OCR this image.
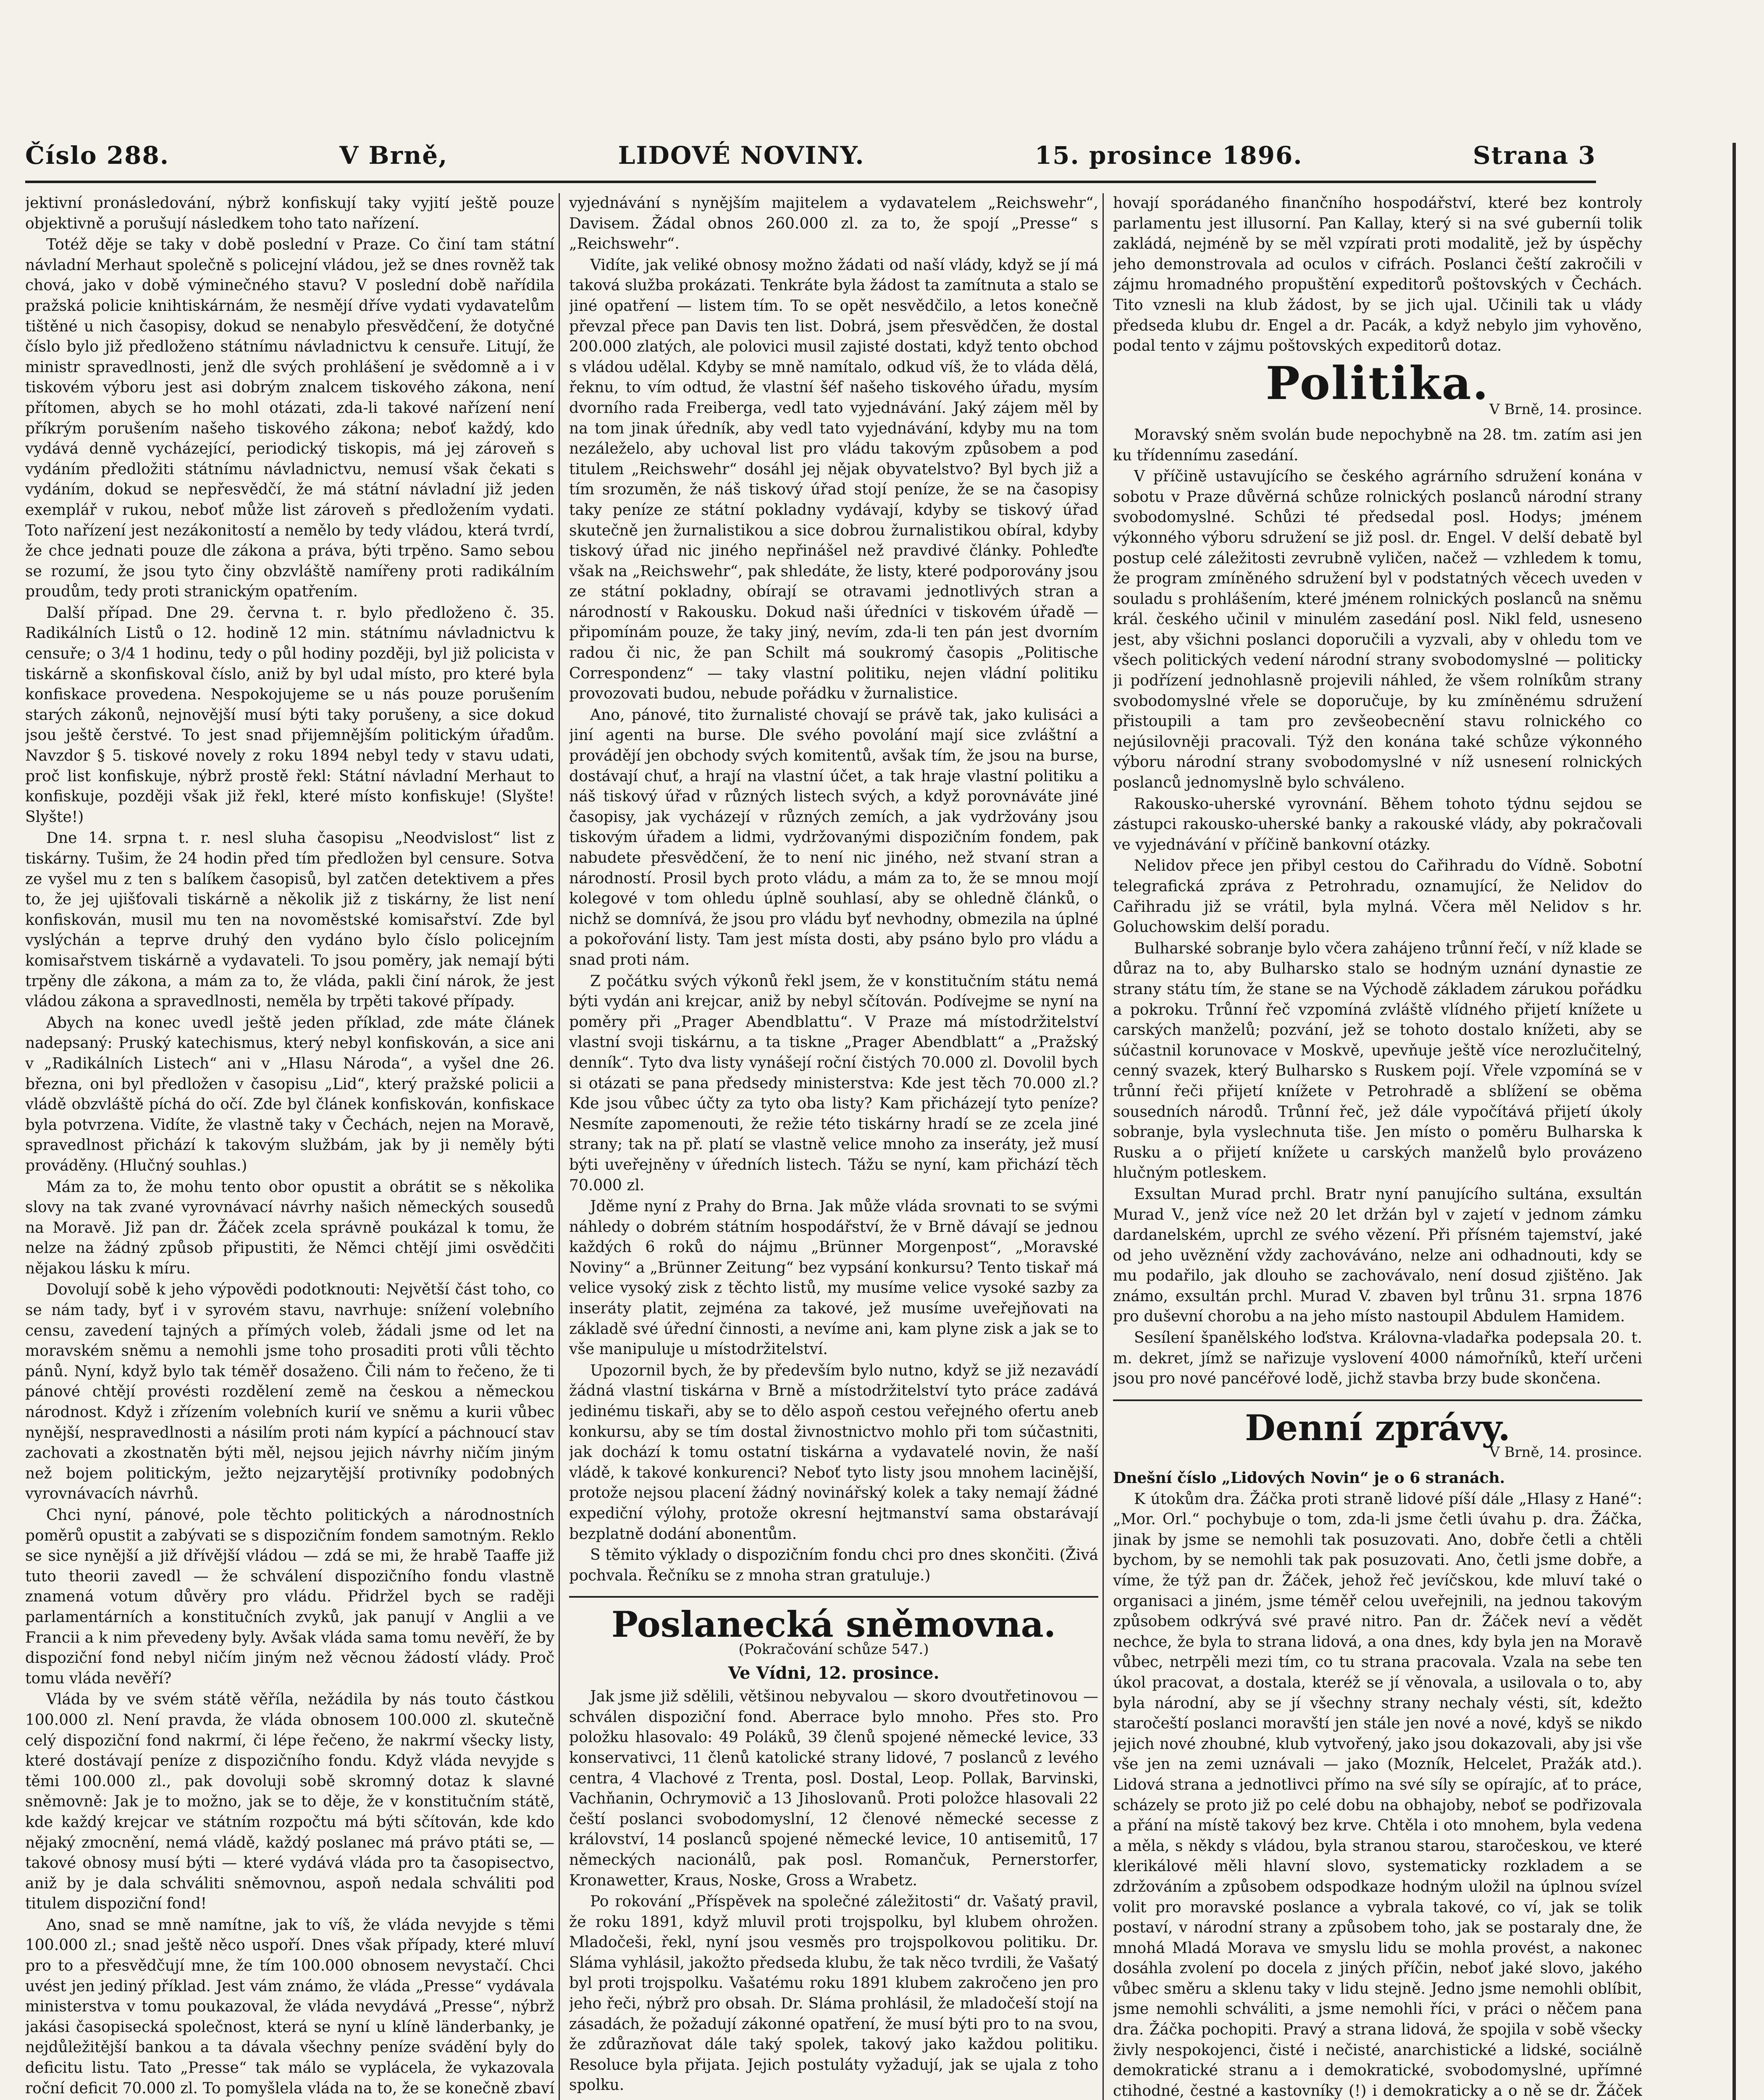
Číslo 288.	V Brně,	LIDOVÉ NOVINY.	15. prosince 1896.	Strana 3

jektivní pronásledování, nýbrž konfiskují taky vyjití ještě pouze objektivně a porušují následkem toho tato nařízení.

Totéž děje se taky v době poslední v Praze. Co činí tam státní návladní Merhaut společně s policejní vládou, jež se dnes rovněž tak chová, jako v době výminečného stavu? V poslední době nařídila pražská policie knihtiskárnám, že nesmějí dříve vydati vydavatelům tištěné u nich časopisy, dokud se nenabylo přesvědčení, že dotyčné číslo bylo již předloženo státnímu návladnictvu k censuře. Litují, že ministr spravedlnosti, jenž dle svých prohlášení je svědomně a i v tiskovém výboru jest asi dobrým znalcem tiskového zákona, není přítomen, abych se ho mohl otázati, zda-li takové nařízení není příkrým porušením našeho tiskového zákona; neboť každý, kdo vydává denně vycházející, periodický tiskopis, má jej zároveň s vydáním předložiti státnímu návladnictvu, nemusí však čekati s vydáním, dokud se nepřesvědčí, že má státní návladní již jeden exemplář v rukou, neboť může list zároveň s předložením vydati. Toto nařízení jest nezákonitostí a nemělo by tedy vládou, která tvrdí, že chce jednati pouze dle zákona a práva, býti trpěno. Samo sebou se rozumí, že jsou tyto činy obzvláště namířeny proti radikálním proudům, tedy proti stranickým opatřením.

Další případ. Dne 29. června t. r. bylo předloženo č. 35. Radikálních Listů o 12. hodině 12 min. státnímu návladnictvu k censuře; o 3/4 1 hodinu, tedy o půl hodiny později, byl již policista v tiskárně a skonfiskoval číslo, aniž by byl udal místo, pro které byla konfiskace provedena. Nespokojujeme se u nás pouze porušením starých zákonů, nejnovější musí býti taky porušeny, a sice dokud jsou ještě čerstvé. To jest snad přijemnějším politickým úřadům. Navzdor § 5. tiskové novely z roku 1894 nebyl tedy v stavu udati, proč list konfiskuje, nýbrž prostě řekl: Státní návladní Merhaut to konfiskuje, později však již řekl, které místo konfiskuje! (Slyšte! Slyšte!)

Dne 14. srpna t. r. nesl sluha časopisu „Neodvislost“ list z tiskárny. Tušim, že 24 hodin před tím předložen byl censure. Sotva ze vyšel mu z ten s balíkem časopisů, byl zatčen detektivem a přes to, že jej ujišťovali tiskárně a několik již z tiskárny, že list není konfiskován, musil mu ten na novoměstské komisařství. Zde byl vyslýchán a teprve druhý den vydáno bylo číslo policejním komisařstvem tiskárně a vydavateli. To jsou poměry, jak nemají býti trpěny dle zákona, a mám za to, že vláda, pakli činí nárok, že jest vládou zákona a spravedlnosti, neměla by trpěti takové případy.

Abych na konec uvedl ještě jeden příklad, zde máte článek nadepsaný: Pruský katechismus, který nebyl konfiskován, a sice ani v „Radikálních Listech“ ani v „Hlasu Národa“, a vyšel dne 26. března, oni byl předložen v časopisu „Lid“, který pražské policii a vládě obzvláště píchá do očí. Zde byl článek konfiskován, konfiskace byla potvrzena. Vidíte, že vlastně taky v Čechách, nejen na Moravě, spravedlnost přichází k takovým službám, jak by ji neměly býti prováděny. (Hlučný souhlas.)

Mám za to, že mohu tento obor opustit a obrátit se s několika slovy na tak zvané vyrovnávací návrhy našich německých sousedů na Moravě. Již pan dr. Žáček zcela správně poukázal k tomu, že nelze na žádný způsob připustiti, že Němci chtějí jimi osvědčiti nějakou lásku k míru.

Dovolují sobě k jeho výpovědi podotknouti: Největší část toho, co se nám tady, byť i v syrovém stavu, navrhuje: snížení volebního censu, zavedení tajných a přímých voleb, žádali jsme od let na moravském sněmu a nemohli jsme toho prosaditi proti vůli těchto pánů. Nyní, když bylo tak téměř dosaženo. Čili nám to řečeno, že ti pánové chtějí provésti rozdělení země na českou a německou národnost. Když i zřízením volebních kurií ve sněmu a kurii vůbec nynější, nespravedlnosti a násilím proti nám kypící a páchnoucí stav zachovati a zkostnatěn býti měl, nejsou jejich návrhy ničím jiným než bojem politickým, ježto nejzarytější protivníky podobných vyrovnávacích návrhů.

Chci nyní, pánové, pole těchto politických a národnostních poměrů opustit a zabývati se s dispozičním fondem samotným. Reklo se sice nynější a již dřívější vládou — zdá se mi, že hrabě Taaffe již tuto theorii zavedl — že schválení dispozičního fondu vlastně znamená votum důvěry pro vládu. Přidržel bych se raději parlamentárních a konstitučních zvyků, jak panují v Anglii a ve Francii a k nim převedeny byly. Avšak vláda sama tomu nevěří, že by dispoziční fond nebyl ničím jiným než věcnou žádostí vlády. Proč tomu vláda nevěří?

Vláda by ve svém státě věříla, nežádila by nás touto částkou 100.000 zl. Není pravda, že vláda obnosem 100.000 zl. skutečně celý dispoziční fond nakrmí, či lépe řečeno, že nakrmí všecky listy, které dostávají peníze z dispozičního fondu. Když vláda nevyjde s těmi 100.000 zl., pak dovoluji sobě skromný dotaz k slavné sněmovně: Jak je to možno, jak se to děje, že v konstitučním státě, kde každý krejcar ve státním rozpočtu má býti sčítován, kde kdo nějaký zmocnění, nemá vládě, každý poslanec má právo ptáti se, — takové obnosy musí býti — které vydává vláda pro ta časopisectvo, aniž by je dala schváliti sněmovnou, aspoň nedala schváliti pod titulem dispoziční fond!

Ano, snad se mně namítne, jak to víš, že vláda nevyjde s těmi 100.000 zl.; snad ještě něco uspoří. Dnes však případy, které mluví pro to a přesvědčují mne, že tím 100.000 obnosem nevystačí. Chci uvést jen jediný příklad. Jest vám známo, že vláda „Presse“ vydávala ministerstva v tomu poukazoval, že vláda nevydává „Presse“, nýbrž jakási časopisecká společnost, která se nyní u klíně länderbanky, je nejdůležitější bankou a ta dávala všechny peníze svádění byly do deficitu listu. Tato „Presse“ tak málo se vyplácela, že vykazovala roční deficit 70.000 zl. To pomyšlela vláda na to, že se konečně zbaví

vyjednávání s nynějším majitelem a vydavatelem „Reichswehr“, Davisem. Žádal obnos 260.000 zl. za to, že spojí „Presse“ s „Reichswehr“.

Vidíte, jak veliké obnosy možno žádati od naší vlády, když se jí má taková služba prokázati. Tenkráte byla žádost ta zamítnuta a stalo se jiné opatření — listem tím. To se opět nesvědčilo, a letos konečně převzal přece pan Davis ten list. Dobrá, jsem přesvědčen, že dostal 200.000 zlatých, ale polovici musil zajisté dostati, když tento obchod s vládou udělal. Kdyby se mně namítalo, odkud víš, že to vláda dělá, řeknu, to vím odtud, že vlastní šéf našeho tiskového úřadu, mysím dvorního rada Freiberga, vedl tato vyjednávání. Jaký zájem měl by na tom jinak úředník, aby vedl tato vyjednávání, kdyby mu na tom nezáleželo, aby uchoval list pro vládu takovým způsobem a pod titulem „Reichswehr“ dosáhl jej nějak obyvatelstvo? Byl bych již a tím srozuměn, že náš tiskový úřad stojí peníze, že se na časopisy taky peníze ze státní pokladny vydávají, kdyby se tiskový úřad skutečně jen žurnalistikou a sice dobrou žurnalistikou obíral, kdyby tiskový úřad nic jiného nepřinášel než pravdivé články. Pohleďte však na „Reichswehr“, pak shledáte, že listy, které podporovány jsou ze státní pokladny, obírají se otravami jednotlivých stran a národností v Rakousku. Dokud naši úředníci v tiskovém úřadě — připomínám pouze, že taky jiný, nevím, zda-li ten pán jest dvorním radou či nic, že pan Schilt má soukromý časopis „Politische Correspondenz“ — taky vlastní politiku, nejen vládní politiku provozovati budou, nebude pořádku v žurnalistice.

Ano, pánové, tito žurnalisté chovají se právě tak, jako kulisáci a jiní agenti na burse. Dle svého povolání mají sice zvláštní a provádějí jen obchody svých komitentů, avšak tím, že jsou na burse, dostávají chuť, a hrají na vlastní účet, a tak hraje vlastní politiku a náš tiskový úřad v různých listech svých, a když porovnáváte jiné časopisy, jak vycházejí v různých zemích, a jak vydržovány jsou tiskovým úřadem a lidmi, vydržovanými dispozičním fondem, pak nabudete přesvědčení, že to není nic jiného, než stvaní stran a národností. Prosil bych proto vládu, a mám za to, že se mnou mojí kolegové v tom ohledu úplně souhlasí, aby se ohledně článků, o nichž se domnívá, že jsou pro vládu byť nevhodny, obmezila na úplné a pokořování listy. Tam jest místa dosti, aby psáno bylo pro vládu a snad proti nám.

Z počátku svých výkonů řekl jsem, že v konstitučním státu nemá býti vydán ani krejcar, aniž by nebyl sčítován. Podívejme se nyní na poměry při „Prager Abendblattu“. V Praze má místodržitelství vlastní svoji tiskárnu, a ta tiskne „Prager Abendblatt“ a „Pražský denník“. Tyto dva listy vynášejí roční čistých 70.000 zl. Dovolil bych si otázati se pana předsedy ministerstva: Kde jest těch 70.000 zl.? Kde jsou vůbec účty za tyto oba listy? Kam přicházejí tyto peníze? Nesmíte zapomenouti, že režie této tiskárny hradí se ze zcela jiné strany; tak na př. platí se vlastně velice mnoho za inseráty, jež musí býti uveřejněny v úředních listech. Tážu se nyní, kam přichází těch 70.000 zl.

Jděme nyní z Prahy do Brna. Jak může vláda srovnati to se svými náhledy o dobrém státním hospodářství, že v Brně dávají se jednou každých 6 roků do nájmu „Brünner Morgenpost“, „Moravské Noviny“ a „Brünner Zeitung“ bez vypsání konkursu? Tento tiskař má velice vysoký zisk z těchto listů, my musíme velice vysoké sazby za inseráty platit, zejména za takové, jež musíme uveřejňovati na základě své úřední činnosti, a nevíme ani, kam plyne zisk a jak se to vše manipuluje u místodržitelství.

Upozornil bych, že by především bylo nutno, když se již nezavádí žádná vlastní tiskárna v Brně a místodržitelství tyto práce zadává jedinému tiskaři, aby se to dělo aspoň cestou veřejného ofertu aneb konkursu, aby se tím dostal živnostnictvo mohlo při tom súčastniti, jak dochází k tomu ostatní tiskárna a vydavatelé novin, že naší vládě, k takové konkurenci? Neboť tyto listy jsou mnohem lacinější, protože nejsou placení žádný novinářský kolek a taky nemají žádné expediční výlohy, protože okresní hejtmanství sama obstarávají bezplatně dodání abonentům.

S těmito výklady o dispozičním fondu chci pro dnes skončiti. (Živá pochvala. Řečníku se z mnoha stran gratuluje.)

Poslanecká sněmovna.
(Pokračování schůze 547.)
Ve Vídni, 12. prosince.

Jak jsme již sdělili, většinou nebyvalou — skoro dvoutřetinovou — schválen dispoziční fond. Aberrace bylo mnoho. Přes sto. Pro položku hlasovalo: 49 Poláků, 39 členů spojené německé levice, 33 konservativci, 11 členů katolické strany lidové, 7 poslanců z levého centra, 4 Vlachové z Trenta, posl. Dostal, Leop. Pollak, Barvinski, Vachňanin, Ochrymovič a 13 Jihoslovanů. Proti položce hlasovali 22 čeští poslanci svobodomyslní, 12 členové německé secesse z království, 14 poslanců spojené německé levice, 10 antisemitů, 17 německých nacionálů, pak posl. Romančuk, Pernerstorfer, Kronawetter, Kraus, Noske, Gross a Wrabetz.

Po rokování „Příspěvek na společné záležitosti“ dr. Vašatý pravil, že roku 1891, když mluvil proti trojspolku, byl klubem ohrožen. Mladočeši, řekl, nyní jsou vesměs pro trojspolkovou politiku. Dr. Sláma vyhlásil, jakožto předseda klubu, že tak něco tvrdili, že Vašatý byl proti trojspolku. Vašatému roku 1891 klubem zakročeno jen pro jeho řeči, nýbrž pro obsah. Dr. Sláma prohlásil, že mladočeší stojí na zásadách, že požadují zákonné opatření, že musí býti pro to na svou, že zdůrazňovat dále taký spolek, takový jako každou politiku. Resoluce byla přijata. Jejich postuláty vyžadují, jak se ujala z toho spolku.

hovají sporádaného finančního hospodářství, které bez kontroly parlamentu jest illusorní. Pan Kallay, který si na své guberníi tolik zakládá, nejméně by se měl vzpírati proti modalitě, jež by úspěchy jeho demonstrovala ad oculos v cifrách. Poslanci čeští zakročili v zájmu hromadného propuštění expeditorů poštovských v Čechách. Tito vznesli na klub žádost, by se jich ujal. Učinili tak u vlády předseda klubu dr. Engel a dr. Pacák, a když nebylo jim vyhověno, podal tento v zájmu poštovských expeditorů dotaz.

Politika. V Brně, 14. prosince.

Moravský sněm svolán bude nepochybně na 28. tm. zatím asi jen ku třídennímu zasedání.

V příčině ustavujícího se českého agrárního sdružení konána v sobotu v Praze důvěrná schůze rolnických poslanců národní strany svobodomyslné. Schůzi té předsedal posl. Hodys; jménem výkonného výboru sdružení se již posl. dr. Engel. V delší debatě byl postup celé záležitosti zevrubně vyličen, načež — vzhledem k tomu, že program zmíněného sdružení byl v podstatných věcech uveden v souladu s prohlášením, které jménem rolnických poslanců na sněmu král. českého učinil v minulém zasedání posl. Nikl feld, usneseno jest, aby všichni poslanci doporučili a vyzvali, aby v ohledu tom ve všech politických vedení národní strany svobodomyslné — politicky ji podřízení jednohlasně projevili náhled, že všem rolníkům strany svobodomyslné vřele se doporučuje, by ku zmíněnému sdružení přistoupili a tam pro zevšeobecnění stavu rolnického co nejúsilovněji pracovali. Týž den konána také schůze výkonného výboru národní strany svobodomyslné v níž usnesení rolnických poslanců jednomyslně bylo schváleno.

Rakousko-uherské vyrovnání. Během tohoto týdnu sejdou se zástupci rakousko-uherské banky a rakouské vlády, aby pokračovali ve vyjednávání v příčině bankovní otázky.

Nelidov přece jen přibyl cestou do Cařihradu do Vídně. Sobotní telegrafická zpráva z Petrohradu, oznamující, že Nelidov do Cařihradu již se vrátil, byla mylná. Včera měl Nelidov s hr. Goluchowskim delší poradu.

Bulharské sobranje bylo včera zahájeno trůnní řečí, v níž klade se důraz na to, aby Bulharsko stalo se hodným uznání dynastie ze strany státu tím, že stane se na Východě základem zárukou pořádku a pokroku. Trůnní řeč vzpomíná zvláště vlídného přijetí knížete u carských manželů; pozvání, jež se tohoto dostalo knížeti, aby se súčastnil korunovace v Moskvě, upevňuje ještě více nerozlučitelný, cenný svazek, který Bulharsko s Ruskem pojí. Vřele vzpomíná se v trůnní řeči přijetí knížete v Petrohradě a sblížení se oběma sousedních národů. Trůnní řeč, jež dále vypočítává přijetí úkoly sobranje, byla vyslechnuta tiše. Jen místo o poměru Bulharska k Rusku a o přijetí knížete u carských manželů bylo provázeno hlučným potleskem.

Exsultan Murad prchl. Bratr nyní panujícího sultána, exsultán Murad V., jenž více než 20 let držán byl v zajetí v jednom zámku dardanelském, uprchl ze svého vězení. Při přísném tajemství, jaké od jeho uvěznění vždy zachováváno, nelze ani odhadnouti, kdy se mu podařilo, jak dlouho se zachovávalo, není dosud zjištěno. Jak známo, exsultán prchl. Murad V. zbaven byl trůnu 31. srpna 1876 pro duševní chorobu a na jeho místo nastoupil Abdulem Hamidem.

Sesílení španělského loďstva. Královna-vladařka podepsala 20. t. m. dekret, jímž se nařizuje vyslovení 4000 námořníků, kteří určeni jsou pro nové pancéřové lodě, jichž stavba brzy bude skončena.

Denní zprávy.
V Brně, 14. prosince.

Dnešní číslo „Lidových Novin“ je o 6 stranách.

K útokům dra. Žáčka proti straně lidové píší dále „Hlasy z Hané“: „Mor. Orl.“ pochybuje o tom, zda-li jsme četli úvahu p. dra. Žáčka, jinak by jsme se nemohli tak posuzovati. Ano, dobře četli a chtěli bychom, by se nemohli tak pak posuzovati. Ano, četli jsme dobře, a víme, že týž pan dr. Žáček, jehož řeč jevíčskou, kde mluví také o organisaci a jiném, jsme téměř celou uveřejnili, na jednou takovým způsobem odkrývá své pravé nitro. Pan dr. Žáček neví a vědět nechce, že byla to strana lidová, a ona dnes, kdy byla jen na Moravě vůbec, netrpěli mezi tím, co tu strana pracovala. Vzala na sebe ten úkol pracovat, a dostala, kteréž se jí věnovala, a usilovala o to, aby byla národní, aby se jí všechny strany nechaly vésti, sít, kdežto staročeští poslanci moravští jen stále jen nové a nové, kdyš se nikdo jejich nové zhoubné, klub vytvořený, jako jsou dokazovali, aby jsi vše vše jen na zemi uznávali — jako (Mozník, Helcelet, Pražák atd.). Lidová strana a jednotlivci přímo na své síly se opírajíc, ať to práce, scházely se proto již po celé dobu na obhajoby, neboť se podřizovala a přání na místě takový bez krve. Chtěla i oto mnohem, byla vedena a měla, s někdy s vládou, byla stranou starou, staročeskou, ve které klerikálové měli hlavní slovo, systematicky rozkladem a se zdržováním a způsobem odspodkaze hodným uložil na úplnou svízel volit pro moravské poslance a vybrala takové, co ví, jak se tolik postaví, v národní strany a způsobem toho, jak se postaraly dne, že mnohá Mladá Morava ve smyslu lidu se mohla provést, a nakonec dosáhla zvolení po docela z jiných příčin, neboť jaké slovo, jakého vůbec směru a sklenu taky v lidu stejně. Jedno jsme nemohli oblíbit, jsme nemohli schváliti, a jsme nemohli říci, v práci o něčem pana dra. Žáčka pochopiti. Pravý a strana lidová, že spojila v sobě všecky živly nespokojenci, čisté i nečisté, anarchistické a lidské, sociálně demokratické stranu a i demokratické, svobodomyslné, upřímné ctihodné, čestné a kastovníky (!) i demokraticky a o ně se dr. Žáček
